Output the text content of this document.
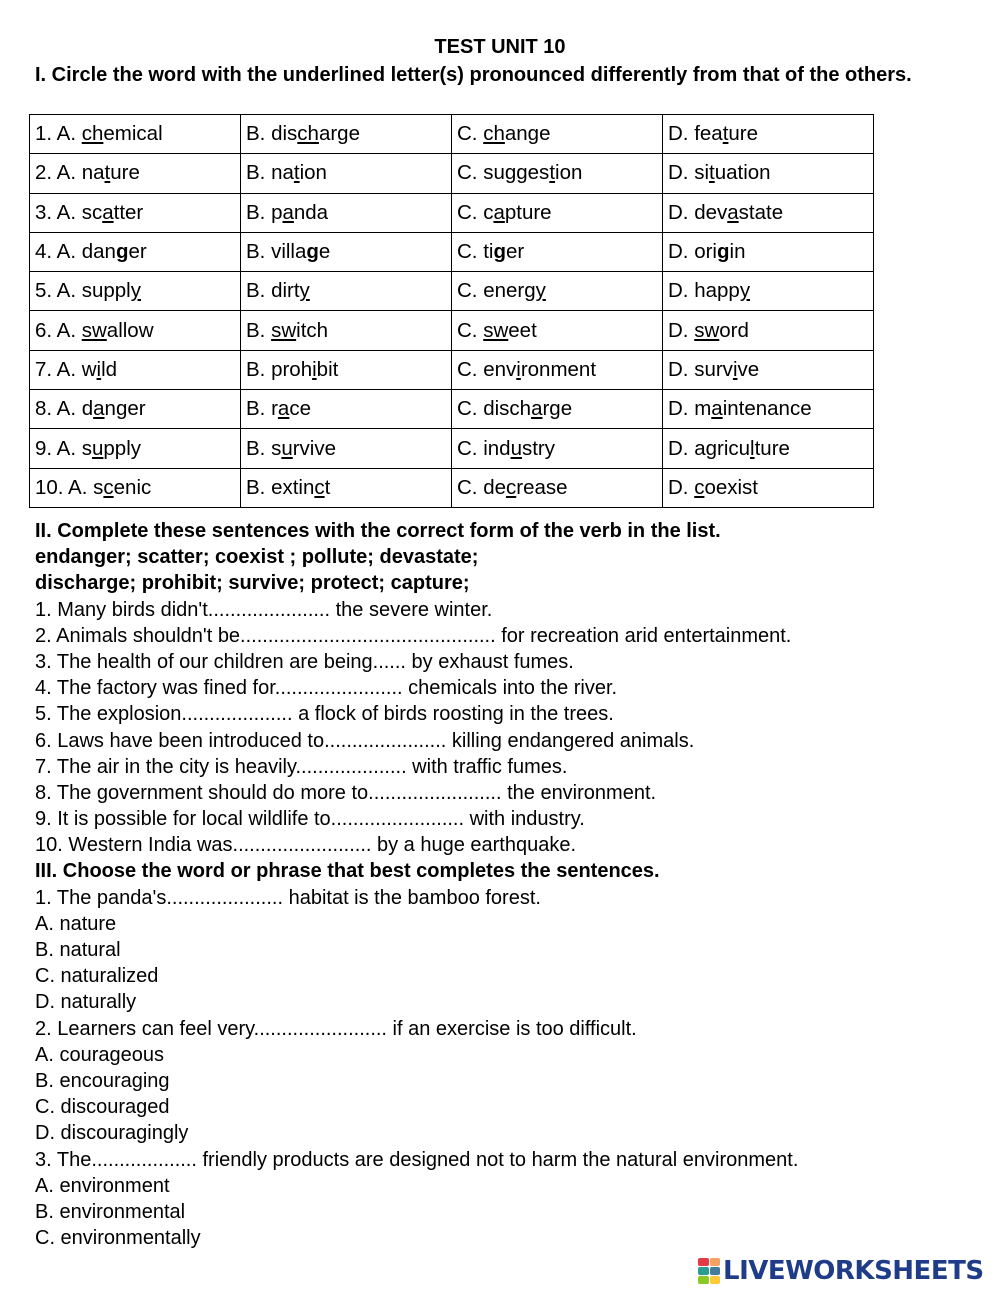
TEST UNIT 10
I. Circle the word with the underlined letter(s) pronounced differently from that of the others.
1. A. chemical	B. discharge	C. change	D. feature
2. A. nature	B. nation	C. suggestion	D. situation
3. A. scatter	B. panda	C. capture	D. devastate
4. A. danger	B. village	C. tiger	D. origin
5. A. supply	B. dirty	C. energy	D. happy
6. A. swallow	B. switch	C. sweet	D. sword
7. A. wild	B. prohibit	C. environment	D. survive
8. A. danger	B. race	C. discharge	D. maintenance
9. A. supply	B. survive	C. industry	D. agriculture
10. A. scenic	B. extinct	C. decrease	D. coexist
II. Complete these sentences with the correct form of the verb in the list.
endanger; scatter; coexist ; pollute; devastate;
discharge; prohibit; survive; protect; capture;
1. Many birds didn't...................... the severe winter.
2. Animals shouldn't be.............................................. for recreation arid entertainment.
3. The health of our children are being...... by exhaust fumes.
4. The factory was fined for....................... chemicals into the river.
5. The explosion.................... a flock of birds roosting in the trees.
6. Laws have been introduced to...................... killing endangered animals.
7. The air in the city is heavily.................... with traffic fumes.
8. The government should do more to........................ the environment.
9. It is possible for local wildlife to........................ with industry.
10. Western India was......................... by a huge earthquake.
III. Choose the word or phrase that best completes the sentences.
1. The panda's..................... habitat is the bamboo forest.
A. nature
B. natural
C. naturalized
D. naturally
2. Learners can feel very........................ if an exercise is too difficult.
A. courageous
B. encouraging
C. discouraged
D. discouragingly
3. The................... friendly products are designed not to harm the natural environment.
A. environment
B. environmental
C. environmentally
LIVEWORKSHEETS
